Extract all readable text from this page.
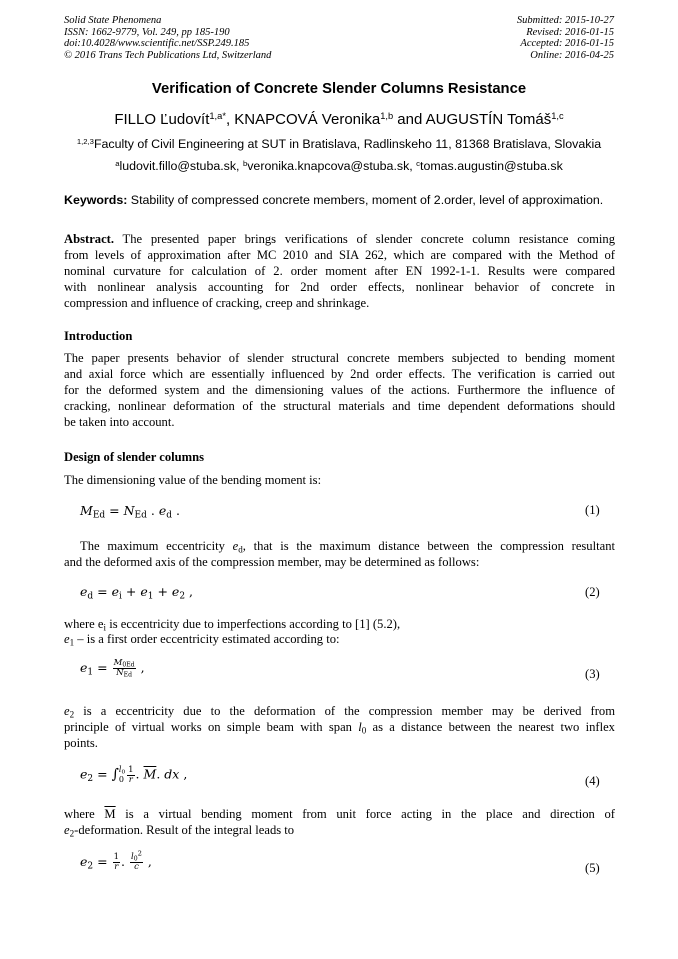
Solid State Phenomena
ISSN: 1662-9779, Vol. 249, pp 185-190
doi:10.4028/www.scientific.net/SSP.249.185
© 2016 Trans Tech Publications Ltd, Switzerland
Submitted: 2015-10-27
Revised: 2016-01-15
Accepted: 2016-01-15
Online: 2016-04-25
Verification of Concrete Slender Columns Resistance
FILLO Ľudovít$^{1,a*}$, KNAPCOVÁ Veronika$^{1,b}$ and AUGUSTÍN Tomáš$^{1,c}$
$^{1,2,3}$Faculty of Civil Engineering at SUT in Bratislava, Radlinskeho 11, 81368 Bratislava, Slovakia
$^a$ludovit.fillo@stuba.sk, $^b$veronika.knapcova@stuba.sk, $^c$tomas.augustin@stuba.sk
Keywords: Stability of compressed concrete members, moment of 2.order, level of approximation.
Abstract. The presented paper brings verifications of slender concrete column resistance coming
from levels of approximation after MC 2010 and SIA 262, which are compared with the Method of
nominal curvature for calculation of 2. order moment after EN 1992-1-1. Results were compared
with nonlinear analysis accounting for 2nd order effects, nonlinear behavior of concrete in
compression and influence of cracking, creep and shrinkage.
Introduction
The paper presents behavior of slender structural concrete members subjected to bending moment
and axial force which are essentially influenced by 2nd order effects. The verification is carried out
for the deformed system and the dimensioning values of the actions. Furthermore the influence of
cracking, nonlinear deformation of the structural materials and time dependent deformations should
be taken into account.
Design of slender columns
The dimensioning value of the bending moment is:
$M_{Ed} = N_{Ed}$ . $e_d$ .	(1)
The maximum eccentricity $e_d$, that is the maximum distance between the compression resultant
and the deformed axis of the compression member, may be determined as follows:
$e_d = e_i + e_1 + e_2$ ,	(2)
where $e_i$ is eccentricity due to imperfections according to [1] (5.2),
$e_1$ – is a first order eccentricity estimated according to:
$e_1 = \frac{M_{0Ed}}{N_{Ed}}$ ,	(3)
$e_2$ is a eccentricity due to the deformation of the compression member may be derived from
principle of virtual works on simple beam with span $l_0$ as a distance between the nearest two inflex
points.
$e_2$ = ∫ $l_0$
$0 \frac{1}{r}$ . $\overline{M}$. dx ,	(4)
where $\overline{M}$ is a virtual bending moment from unit force acting in the place and direction of
$e_2$-deformation. Result of the integral leads to
$e_2 = \frac{1}{r}$ . $\frac{l_0^2}{c}$ ,	(5)
